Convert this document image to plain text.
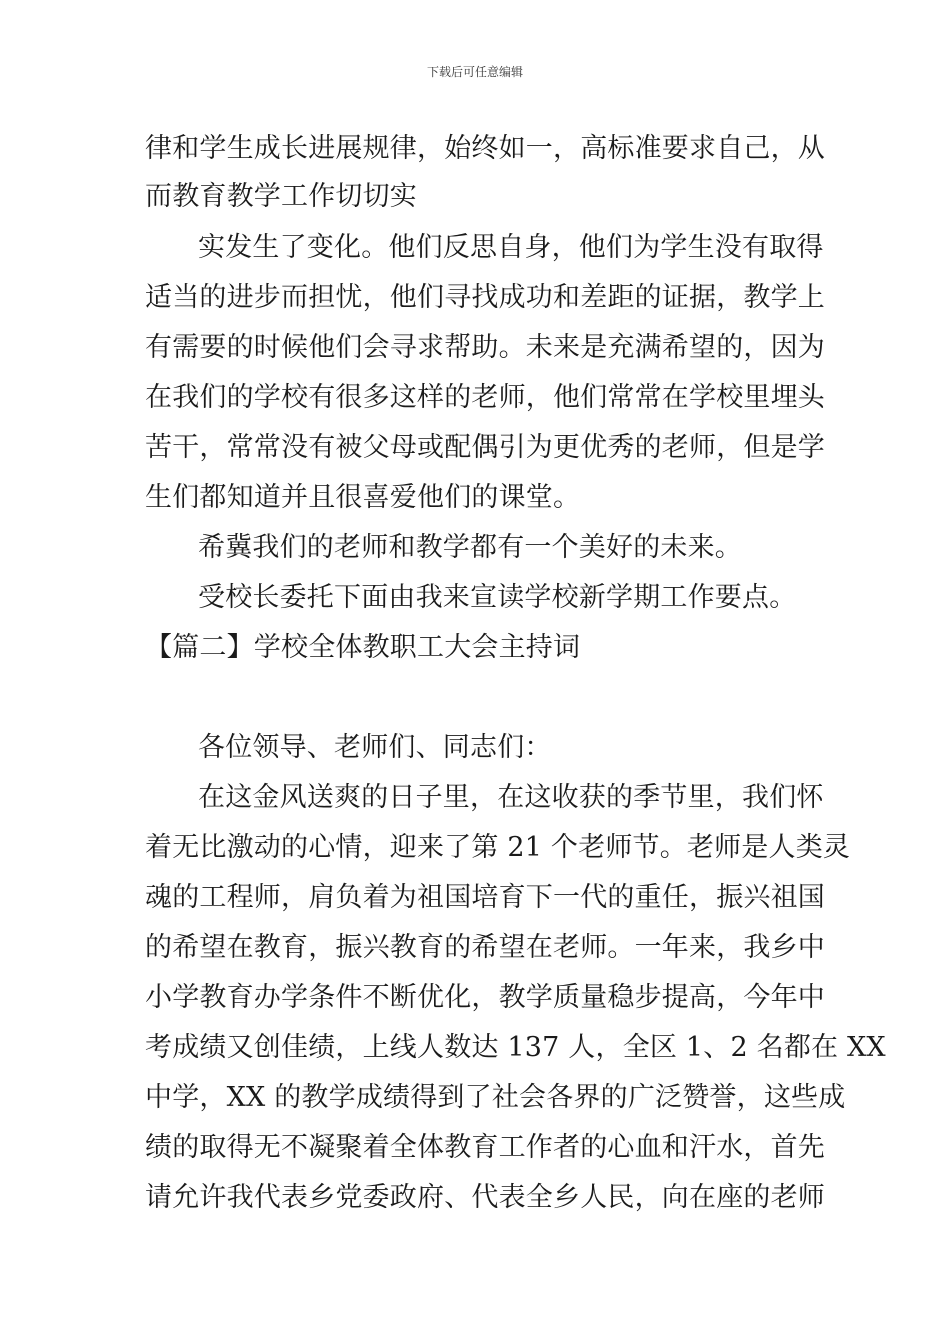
下载后可任意编辑
律和学生成长进展规律，始终如一，高标准要求自己，从
而教育教学工作切切实
实发生了变化。他们反思自身，他们为学生没有取得
适当的进步而担忧，他们寻找成功和差距的证据，教学上
有需要的时候他们会寻求帮助。未来是充满希望的，因为
在我们的学校有很多这样的老师，他们常常在学校里埋头
苦干，常常没有被父母或配偶引为更优秀的老师，但是学
生们都知道并且很喜爱他们的课堂。
希冀我们的老师和教学都有一个美好的未来。
受校长委托下面由我来宣读学校新学期工作要点。
【篇二】学校全体教职工大会主持词
各位领导、老师们、同志们：
在这金风送爽的日子里，在这收获的季节里，我们怀
着无比激动的心情，迎来了第 21 个老师节。老师是人类灵
魂的工程师，肩负着为祖国培育下一代的重任，振兴祖国
的希望在教育，振兴教育的希望在老师。一年来，我乡中
小学教育办学条件不断优化，教学质量稳步提高，今年中
考成绩又创佳绩，上线人数达 137 人，全区 1、2 名都在 XX
中学，XX 的教学成绩得到了社会各界的广泛赞誉，这些成
绩的取得无不凝聚着全体教育工作者的心血和汗水，首先
请允许我代表乡党委政府、代表全乡人民，向在座的老师
